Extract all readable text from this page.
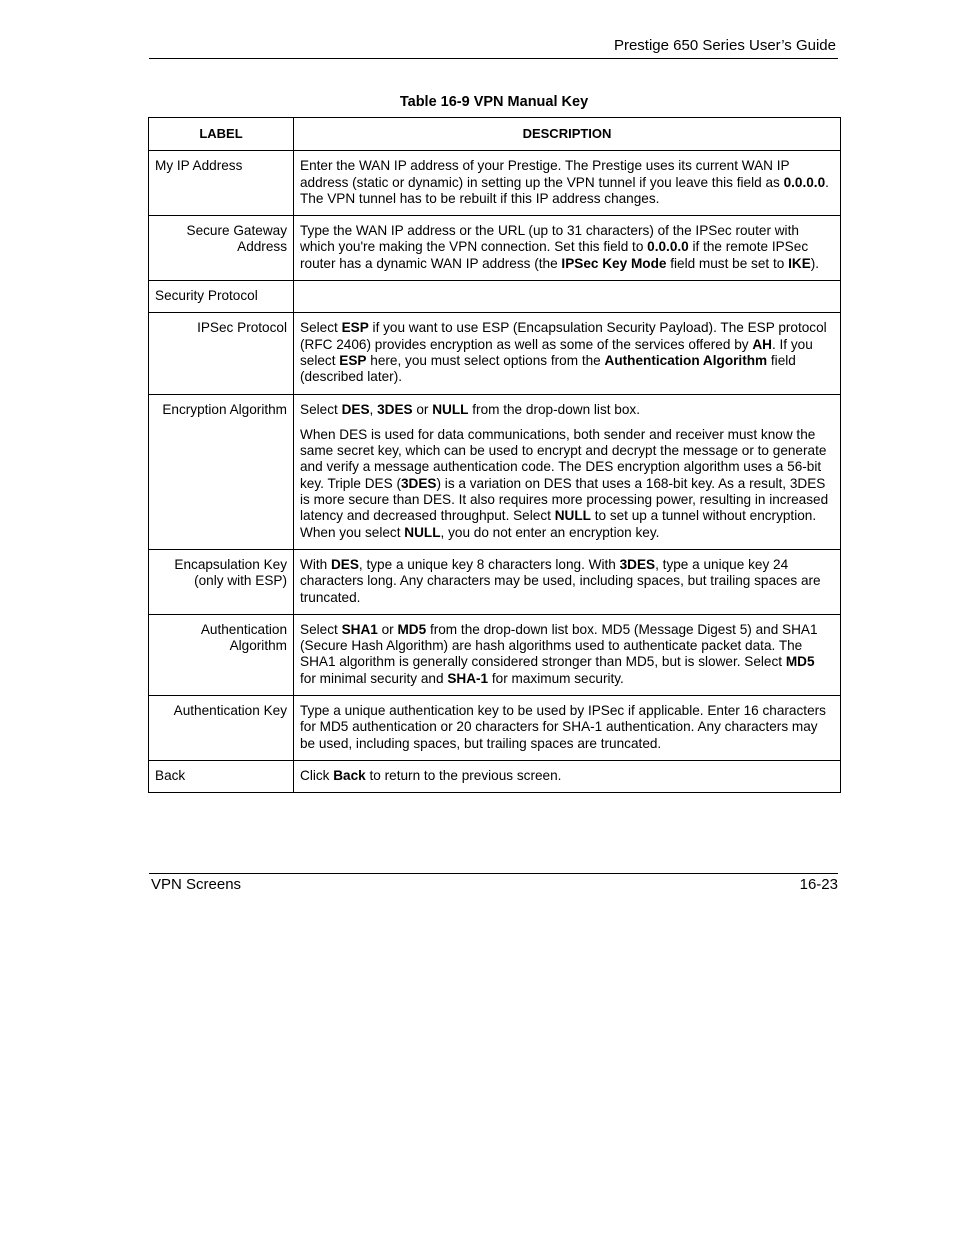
Prestige 650 Series User’s Guide
Table 16-9 VPN Manual Key
LABEL	DESCRIPTION
My IP Address	Enter the WAN IP address of your Prestige. The Prestige uses its current WAN IP address (static or dynamic) in setting up the VPN tunnel if you leave this field as 0.0.0.0. The VPN tunnel has to be rebuilt if this IP address changes.

Secure Gateway Address	Type the WAN IP address or the URL (up to 31 characters) of the IPSec router with which you're making the VPN connection. Set this field to 0.0.0.0 if the remote IPSec router has a dynamic WAN IP address (the IPSec Key Mode field must be set to IKE).

Security Protocol	
IPSec Protocol	Select ESP if you want to use ESP (Encapsulation Security Payload). The ESP protocol (RFC 2406) provides encryption as well as some of the services offered by AH. If you select ESP here, you must select options from the Authentication Algorithm field (described later).

Encryption Algorithm	Select DES, 3DES or NULL from the drop-down list box.

When DES is used for data communications, both sender and receiver must know the same secret key, which can be used to encrypt and decrypt the message or to generate and verify a message authentication code. The DES encryption algorithm uses a 56-bit key. Triple DES (3DES) is a variation on DES that uses a 168-bit key. As a result, 3DES is more secure than DES. It also requires more processing power, resulting in increased latency and decreased throughput. Select NULL to set up a tunnel without encryption. When you select NULL, you do not enter an encryption key.

Encapsulation Key (only with ESP)	With DES, type a unique key 8 characters long. With 3DES, type a unique key 24 characters long. Any characters may be used, including spaces, but trailing spaces are truncated.

Authentication Algorithm	Select SHA1 or MD5 from the drop-down list box. MD5 (Message Digest 5) and SHA1 (Secure Hash Algorithm) are hash algorithms used to authenticate packet data. The SHA1 algorithm is generally considered stronger than MD5, but is slower. Select MD5 for minimal security and SHA-1 for maximum security.

Authentication Key	Type a unique authentication key to be used by IPSec if applicable. Enter 16 characters for MD5 authentication or 20 characters for SHA-1 authentication. Any characters may be used, including spaces, but trailing spaces are truncated.

Back	Click Back to return to the previous screen.

VPN Screens	16-23
